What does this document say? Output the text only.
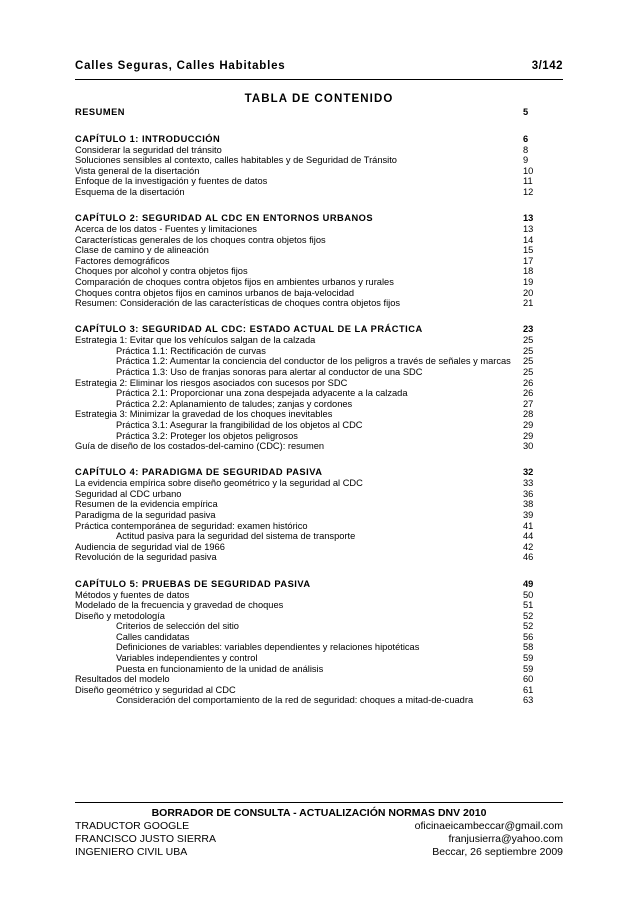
Calles Seguras, Calles Habitables	3/142
TABLA DE CONTENIDO
RESUMEN	5
CAPÍTULO 1: INTRODUCCIÓN	6
Considerar la seguridad del tránsito	8
Soluciones sensibles al contexto, calles habitables y de Seguridad de Tránsito	9
Vista general de la disertación	10
Enfoque de la investigación y fuentes de datos	11
Esquema de la disertación	12
CAPÍTULO 2: SEGURIDAD AL CDC EN ENTORNOS URBANOS	13
Acerca de los datos - Fuentes y limitaciones	13
Características generales de los choques contra objetos fijos	14
Clase de camino y de alineación	15
Factores demográficos	17
Choques por alcohol y contra objetos fijos	18
Comparación de choques contra objetos fijos en ambientes urbanos y rurales	19
Choques contra objetos fijos en caminos urbanos de baja-velocidad	20
Resumen: Consideración de las características de choques contra objetos fijos	21
CAPÍTULO 3: SEGURIDAD AL CDC: ESTADO ACTUAL DE LA PRÁCTICA	23
Estrategia 1: Evitar que los vehículos salgan de la calzada	25
Práctica 1.1: Rectificación de curvas	25
Práctica 1.2: Aumentar la conciencia del conductor de los peligros a través de señales y marcas 25
Práctica 1.3: Uso de franjas sonoras para alertar al conductor de una SDC	25
Estrategia 2: Eliminar los riesgos asociados con sucesos por SDC	26
Práctica 2.1: Proporcionar una zona despejada adyacente a la calzada	26
Práctica 2.2: Aplanamiento de taludes; zanjas y cordones	27
Estrategia 3: Minimizar la gravedad de los choques inevitables	28
Práctica 3.1: Asegurar la frangibilidad de los objetos al CDC	29
Práctica 3.2: Proteger los objetos peligrosos	29
Guía de diseño de los costados-del-camino (CDC): resumen	30
CAPÍTULO 4: PARADIGMA DE SEGURIDAD PASIVA	32
La evidencia empírica sobre diseño geométrico y la seguridad al CDC	33
Seguridad al CDC urbano	36
Resumen de la evidencia empírica	38
Paradigma de la seguridad pasiva	39
Práctica contemporánea de seguridad: examen histórico	41
Actitud pasiva para la seguridad del sistema de transporte	44
Audiencia de seguridad vial de 1966	42
Revolución de la seguridad pasiva	46
CAPÍTULO 5: PRUEBAS DE SEGURIDAD PASIVA	49
Métodos y fuentes de datos	50
Modelado de la frecuencia y gravedad de choques	51
Diseño y metodología	52
Criterios de selección del sitio	52
Calles candidatas	56
Definiciones de variables: variables dependientes y relaciones hipotéticas	58
Variables independientes y control	59
Puesta en funcionamiento de la unidad de análisis	59
Resultados del modelo	60
Diseño geométrico y seguridad al CDC	61
Consideración del comportamiento de la red de seguridad: choques a mitad-de-cuadra	63
BORRADOR DE CONSULTA - ACTUALIZACIÓN NORMAS DNV 2010
TRADUCTOR GOOGLE	oficinaeicambeccar@gmail.com
FRANCISCO JUSTO SIERRA	franjusierra@yahoo.com
INGENIERO CIVIL UBA	Beccar, 26 septiembre 2009
